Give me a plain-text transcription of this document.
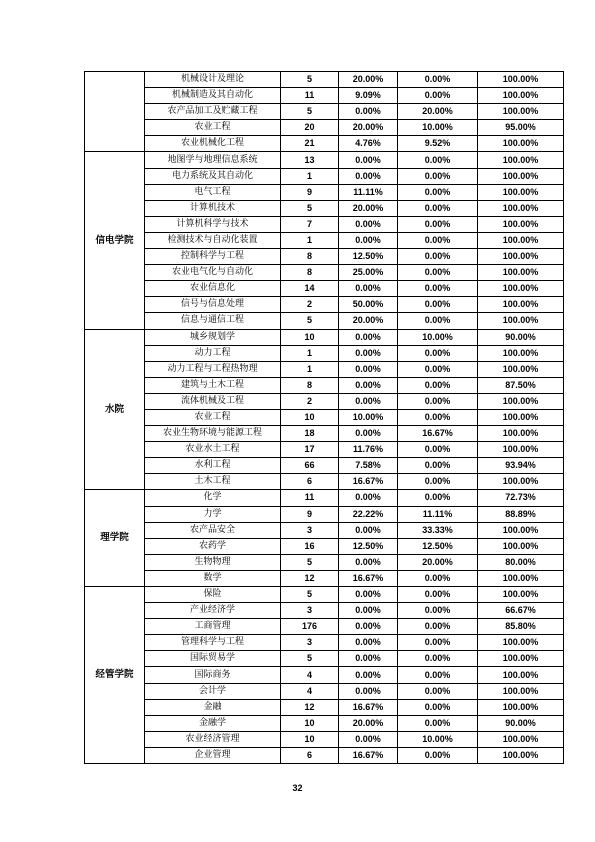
	机械设计及理论	5	20.00%	0.00%	100.00%
	机械制造及其自动化	11	9.09%	0.00%	100.00%
	农产品加工及贮藏工程	5	0.00%	20.00%	100.00%
	农业工程	20	20.00%	10.00%	95.00%
	农业机械化工程	21	4.76%	9.52%	100.00%
信电学院	地图学与地理信息系统	13	0.00%	0.00%	100.00%
	电力系统及其自动化	1	0.00%	0.00%	100.00%
	电气工程	9	11.11%	0.00%	100.00%
	计算机技术	5	20.00%	0.00%	100.00%
	计算机科学与技术	7	0.00%	0.00%	100.00%
	检测技术与自动化装置	1	0.00%	0.00%	100.00%
	控制科学与工程	8	12.50%	0.00%	100.00%
	农业电气化与自动化	8	25.00%	0.00%	100.00%
	农业信息化	14	0.00%	0.00%	100.00%
	信号与信息处理	2	50.00%	0.00%	100.00%
	信息与通信工程	5	20.00%	0.00%	100.00%
水院	城乡规划学	10	0.00%	10.00%	90.00%
	动力工程	1	0.00%	0.00%	100.00%
	动力工程与工程热物理	1	0.00%	0.00%	100.00%
	建筑与土木工程	8	0.00%	0.00%	87.50%
	流体机械及工程	2	0.00%	0.00%	100.00%
	农业工程	10	10.00%	0.00%	100.00%
	农业生物环境与能源工程	18	0.00%	16.67%	100.00%
	农业水土工程	17	11.76%	0.00%	100.00%
	水利工程	66	7.58%	0.00%	93.94%
	土木工程	6	16.67%	0.00%	100.00%
理学院	化学	11	0.00%	0.00%	72.73%
	力学	9	22.22%	11.11%	88.89%
	农产品安全	3	0.00%	33.33%	100.00%
	农药学	16	12.50%	12.50%	100.00%
	生物物理	5	0.00%	20.00%	80.00%
	数学	12	16.67%	0.00%	100.00%
经管学院	保险	5	0.00%	0.00%	100.00%
	产业经济学	3	0.00%	0.00%	66.67%
	工商管理	176	0.00%	0.00%	85.80%
	管理科学与工程	3	0.00%	0.00%	100.00%
	国际贸易学	5	0.00%	0.00%	100.00%
	国际商务	4	0.00%	0.00%	100.00%
	会计学	4	0.00%	0.00%	100.00%
	金融	12	16.67%	0.00%	100.00%
	金融学	10	20.00%	0.00%	90.00%
	农业经济管理	10	0.00%	10.00%	100.00%
	企业管理	6	16.67%	0.00%	100.00%
32
